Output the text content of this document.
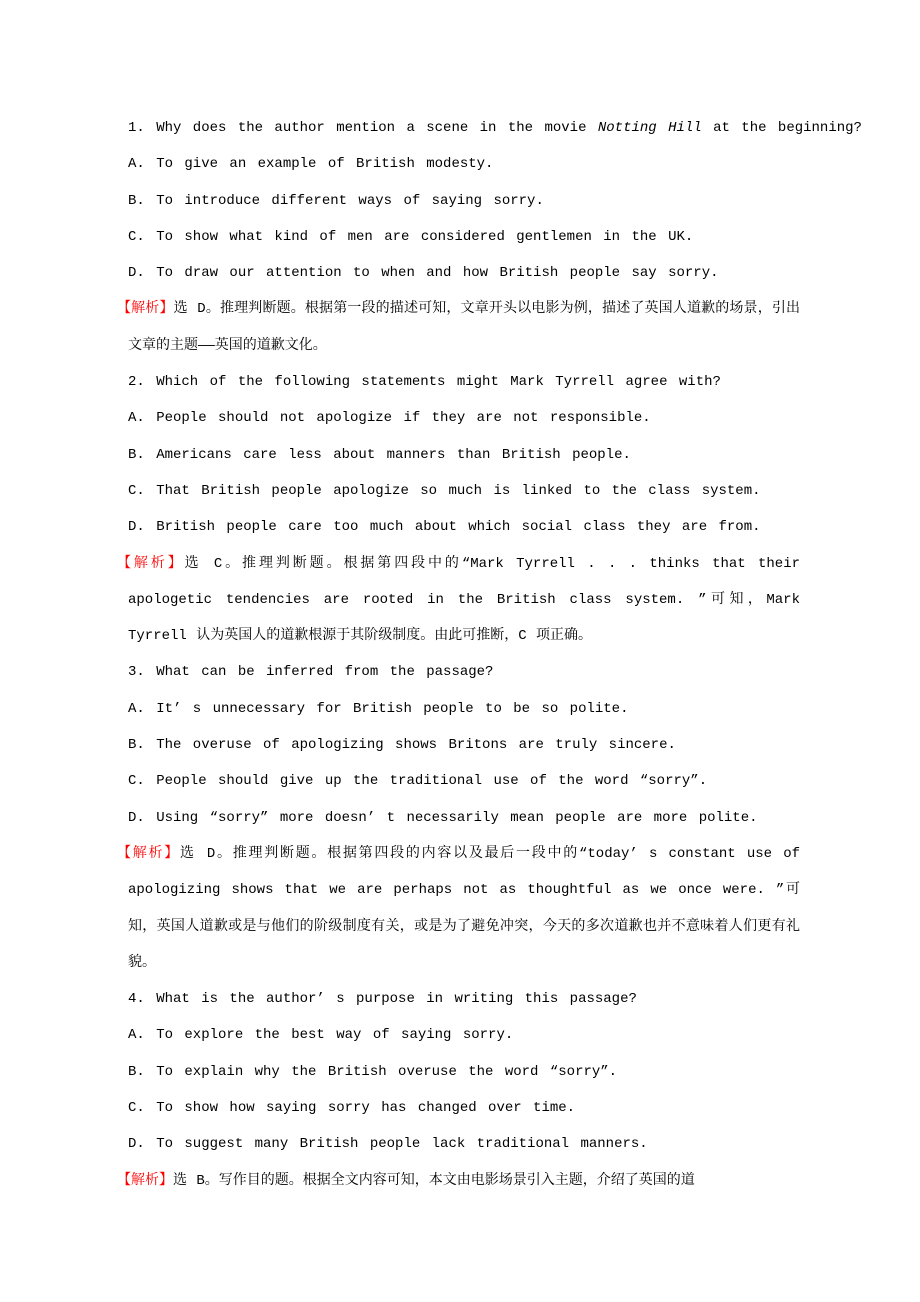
1. Why does the author mention a scene in the movie Notting Hill at the beginning?

A. To give an example of British modesty.

B. To introduce different ways of saying sorry.

C. To show what kind of men are considered gentlemen in the UK.

D. To draw our attention to when and how British people say sorry.

【解析】选 D。推理判断题。根据第一段的描述可知，文章开头以电影为例，描述了英国人道歉的场景，引出文章的主题——英国的道歉文化。

2. Which of the following statements might Mark Tyrrell agree with?

A. People should not apologize if they are not responsible.

B. Americans care less about manners than British people.

C. That British people apologize so much is linked to the class system.

D. British people care too much about which social class they are from.

【解析】选 C。推理判断题。根据第四段中的“Mark Tyrrell . . . thinks that their apologetic tendencies are rooted in the British class system. ”可知，Mark Tyrrell 认为英国人的道歉根源于其阶级制度。由此可推断，C 项正确。

3. What can be inferred from the passage?

A. It’ s unnecessary for British people to be so polite.

B. The overuse of apologizing shows Britons are truly sincere.

C. People should give up the traditional use of the word “sorry”.

D. Using “sorry” more doesn’ t necessarily mean people are more polite.

【解析】选 D。推理判断题。根据第四段的内容以及最后一段中的“today’ s constant use of apologizing shows that we are perhaps not as thoughtful as we once were. ”可知，英国人道歉或是与他们的阶级制度有关，或是为了避免冲突，今天的多次道歉也并不意味着人们更有礼貌。

4. What is the author’ s purpose in writing this passage?

A. To explore the best way of saying sorry.

B. To explain why the British overuse the word “sorry”.

C. To show how saying sorry has changed over time.

D. To suggest many British people lack traditional manners.

【解析】选 B。写作目的题。根据全文内容可知，本文由电影场景引入主题，介绍了英国的道
